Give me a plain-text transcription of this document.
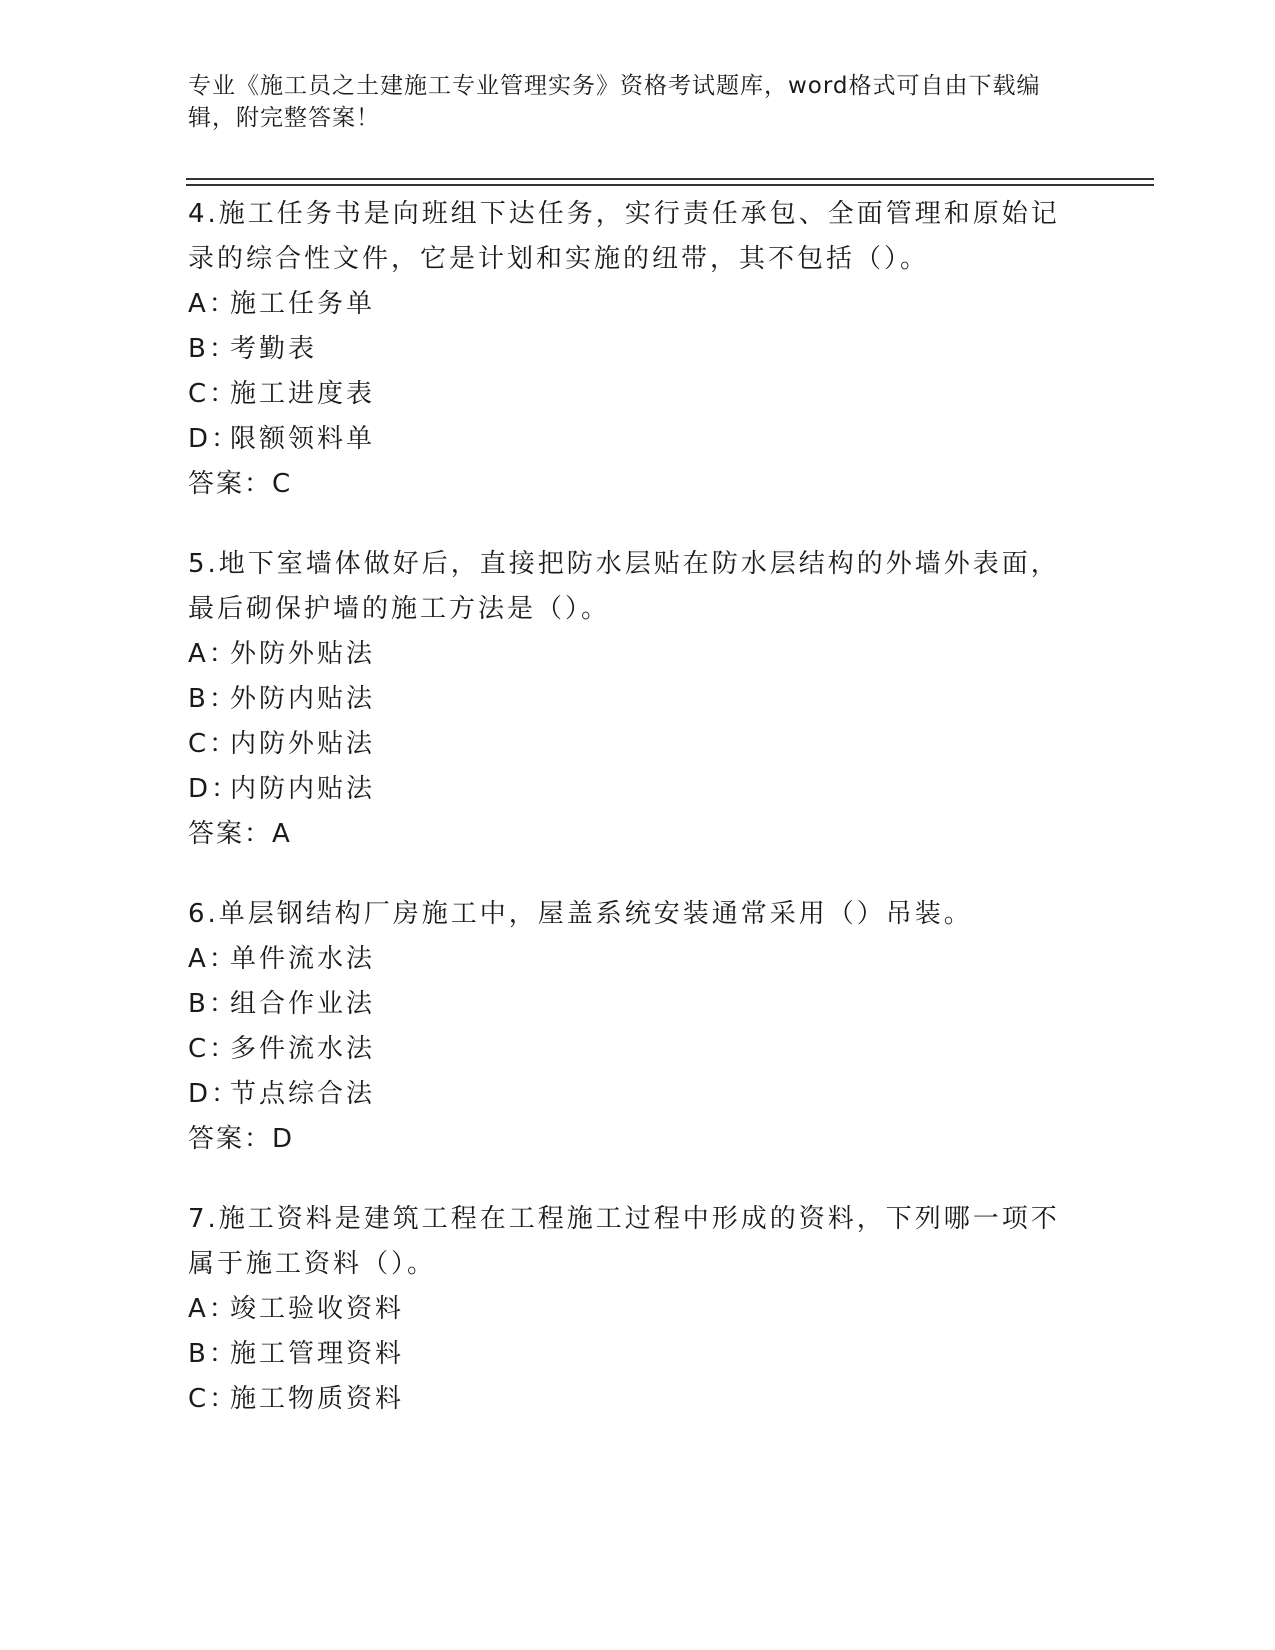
专业《施工员之土建施工专业管理实务》资格考试题库，word格式可自由下载编
辑，附完整答案！

4.施工任务书是向班组下达任务，实行责任承包、全面管理和原始记

录的综合性文件，它是计划和实施的纽带，其不包括（）。

A：
施工任务单
B：
考勤表
C：
施工进度表
D：
限额领料单

答案：C

5.地下室墙体做好后，直接把防水层贴在防水层结构的外墙外表面，

最后砌保护墙的施工方法是（）。

A：
外防外贴法
B：
外防内贴法
C：
内防外贴法
D：
内防内贴法

答案：A

6.单层钢结构厂房施工中，屋盖系统安装通常采用（）吊装。

A：
单件流水法
B：
组合作业法
C：
多件流水法
D：
节点综合法

答案：D

7.施工资料是建筑工程在工程施工过程中形成的资料，下列哪一项不

属于施工资料（）。

A：
竣工验收资料
B：
施工管理资料
C：
施工物质资料
